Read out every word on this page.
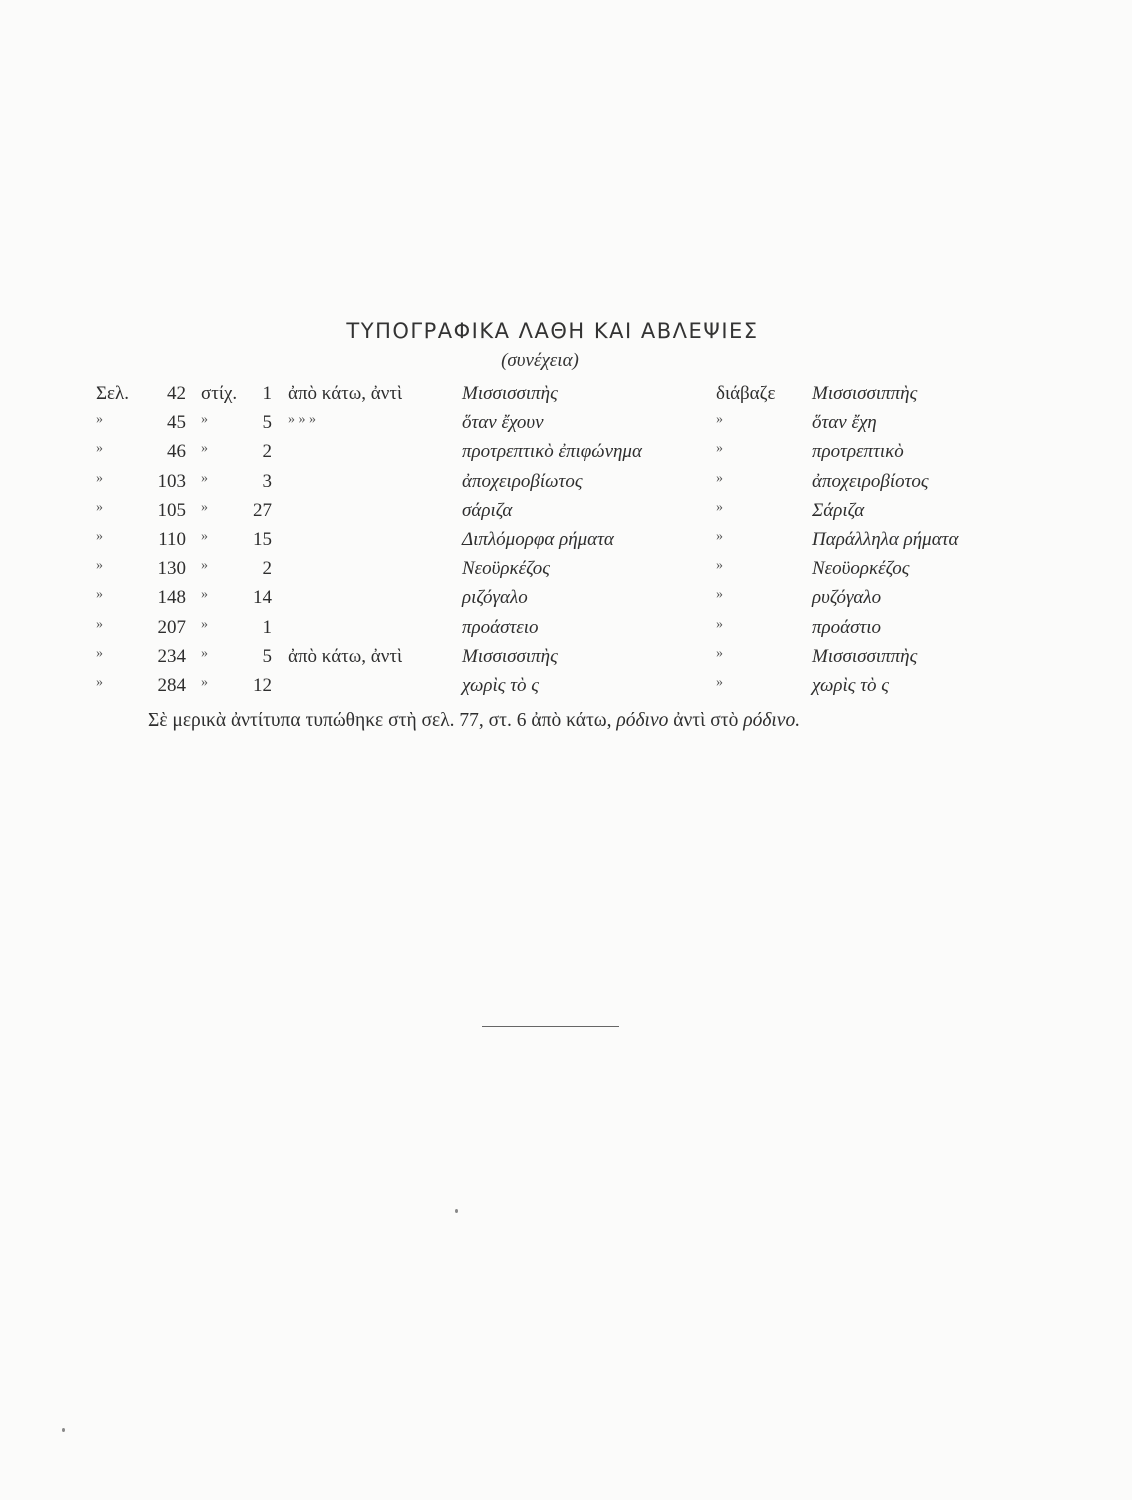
ΤΥΠΟΓΡΑΦΙΚΑ ΛΑΘΗ ΚΑΙ ΑΒΛΕΨΙΕΣ
(συνέχεια)
Σελ.	42 στίχ.	1 ἀπὸ κάτω, ἀντὶ	Μισσισσιπὴς	διάβαζε Μισσισσιππὴς
»	45 »	5 » » »	ὅταν ἔχουν	»	ὅταν ἔχη
»	46 »	2	προτρεπτικὸ ἐπιφώνημα	»	προτρεπτικὸ
»	103 »	3	ἀποχειροβίωτος	»	ἀποχειροβίοτος
»	105 »	27	σάριζα	»	Σάριζα
»	110 »	15	Διπλόμορφα ρήματα	»	Παράλληλα ρήματα
»	130 »	2	Νεοϋρκέζος	»	Νεοϋορκέζος
»	148 »	14	ριζόγαλο	»	ρυζόγαλο
»	207 »	1	προάστειο	»	προάστιο
»	234 »	5 ἀπὸ κάτω, ἀντὶ	Μισσισσιπὴς	»	Μισσισσιππὴς
»	284 »	12	χωρὶς τὸ ς	»	χωρὶς τὸ ς
Σὲ μερικὰ ἀντίτυπα τυπώθηκε στὴ σελ. 77, στ. 6 ἀπὸ κάτω, ρόδινο ἀντὶ στὸ ρόδινο.
